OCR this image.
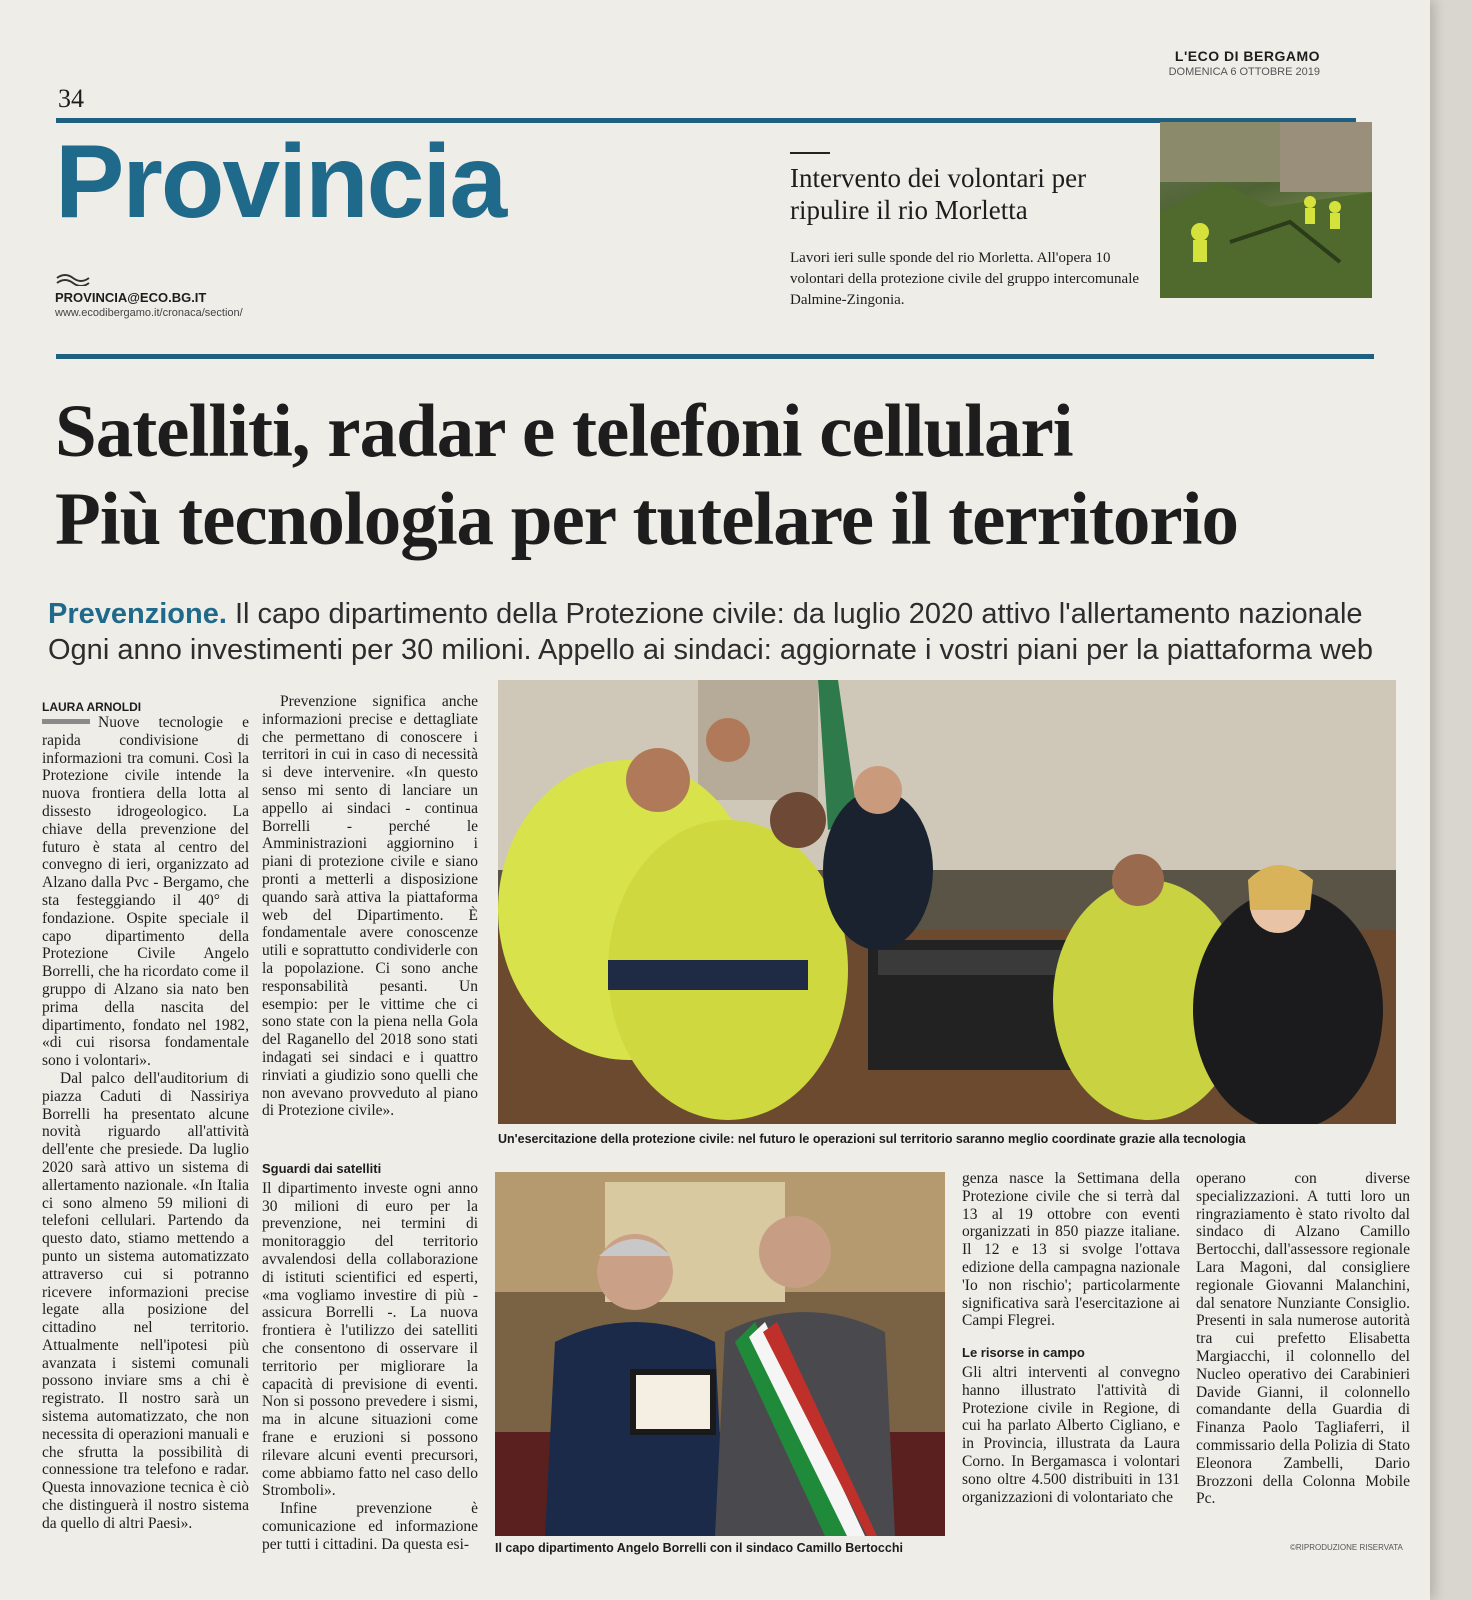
L'ECO DI BERGAMO
DOMENICA 6 OTTOBRE 2019
34
Provincia
PROVINCIA@ECO.BG.IT
www.ecodibergamo.it/cronaca/section/
Intervento dei volontari per ripulire il rio Morletta
Lavori ieri sulle sponde del rio Morletta. All'opera 10 volontari della protezione civile del gruppo intercomunale Dalmine-Zingonia.
Satelliti, radar e telefoni cellulari
Più tecnologia per tutelare il territorio
Prevenzione. Il capo dipartimento della Protezione civile: da luglio 2020 attivo l'allertamento nazionale
Ogni anno investimenti per 30 milioni. Appello ai sindaci: aggiornate i vostri piani per la piattaforma web
LAURA ARNOLDI

Nuove tecnologie e rapida condivisione di informazioni tra comuni. Così la Protezione civile intende la nuova frontiera della lotta al dissesto idrogeologico. La chiave della prevenzione del futuro è stata al centro del convegno di ieri, organizzato ad Alzano dalla Pvc - Bergamo, che sta festeggiando il 40° di fondazione. Ospite speciale il capo dipartimento della Protezione Civile Angelo Borrelli, che ha ricordato come il gruppo di Alzano sia nato ben prima della nascita del dipartimento, fondato nel 1982, «di cui risorsa fondamentale sono i volontari».

Dal palco dell'auditorium di piazza Caduti di Nassiriya Borrelli ha presentato alcune novità riguardo all'attività dell'ente che presiede. Da luglio 2020 sarà attivo un sistema di allertamento nazionale. «In Italia ci sono almeno 59 milioni di telefoni cellulari. Partendo da questo dato, stiamo mettendo a punto un sistema automatizzato attraverso cui si potranno ricevere informazioni precise legate alla posizione del cittadino nel territorio. Attualmente nell'ipotesi più avanzata i sistemi comunali possono inviare sms a chi è registrato. Il nostro sarà un sistema automatizzato, che non necessita di operazioni manuali e che sfrutta la possibilità di connessione tra telefono e radar. Questa innovazione tecnica è ciò che distinguerà il nostro sistema da quello di altri Paesi».

Prevenzione significa anche informazioni precise e dettagliate che permettano di conoscere i territori in cui in caso di necessità si deve intervenire. «In questo senso mi sento di lanciare un appello ai sindaci - continua Borrelli - perché le Amministrazioni aggiornino i piani di protezione civile e siano pronti a metterli a disposizione quando sarà attiva la piattaforma web del Dipartimento. È fondamentale avere conoscenze utili e soprattutto condividerle con la popolazione. Ci sono anche responsabilità pesanti. Un esempio: per le vittime che ci sono state con la piena nella Gola del Raganello del 2018 sono stati indagati sei sindaci e i quattro rinviati a giudizio sono quelli che non avevano provveduto al piano di Protezione civile».

Sguardi dai satelliti

Il dipartimento investe ogni anno 30 milioni di euro per la prevenzione, nei termini di monitoraggio del territorio avvalendosi della collaborazione di istituti scientifici ed esperti, «ma vogliamo investire di più - assicura Borrelli -. La nuova frontiera è l'utilizzo dei satelliti che consentono di osservare il territorio per migliorare la capacità di previsione di eventi. Non si possono prevedere i sismi, ma in alcune situazioni come frane e eruzioni si possono rilevare alcuni eventi precursori, come abbiamo fatto nel caso dello Stromboli».

Infine prevenzione è comunicazione ed informazione per tutti i cittadini. Da questa esi-

Un'esercitazione della protezione civile: nel futuro le operazioni sul territorio saranno meglio coordinate grazie alla tecnologia
Il capo dipartimento Angelo Borrelli con il sindaco Camillo Bertocchi

genza nasce la Settimana della Protezione civile che si terrà dal 13 al 19 ottobre con eventi organizzati in 850 piazze italiane. Il 12 e 13 si svolge l'ottava edizione della campagna nazionale 'Io non rischio'; particolarmente significativa sarà l'esercitazione ai Campi Flegrei.

Le risorse in campo

Gli altri interventi al convegno hanno illustrato l'attività di Protezione civile in Regione, di cui ha parlato Alberto Cigliano, e in Provincia, illustrata da Laura Corno. In Bergamasca i volontari sono oltre 4.500 distribuiti in 131 organizzazioni di volontariato che

operano con diverse specializzazioni. A tutti loro un ringraziamento è stato rivolto dal sindaco di Alzano Camillo Bertocchi, dall'assessore regionale Lara Magoni, dal consigliere regionale Giovanni Malanchini, dal senatore Nunziante Consiglio. Presenti in sala numerose autorità tra cui prefetto Elisabetta Margiacchi, il colonnello del Nucleo operativo dei Carabinieri Davide Gianni, il colonnello comandante della Guardia di Finanza Paolo Tagliaferri, il commissario della Polizia di Stato Eleonora Zambelli, Dario Brozzoni della Colonna Mobile Pc.

©RIPRODUZIONE RISERVATA
